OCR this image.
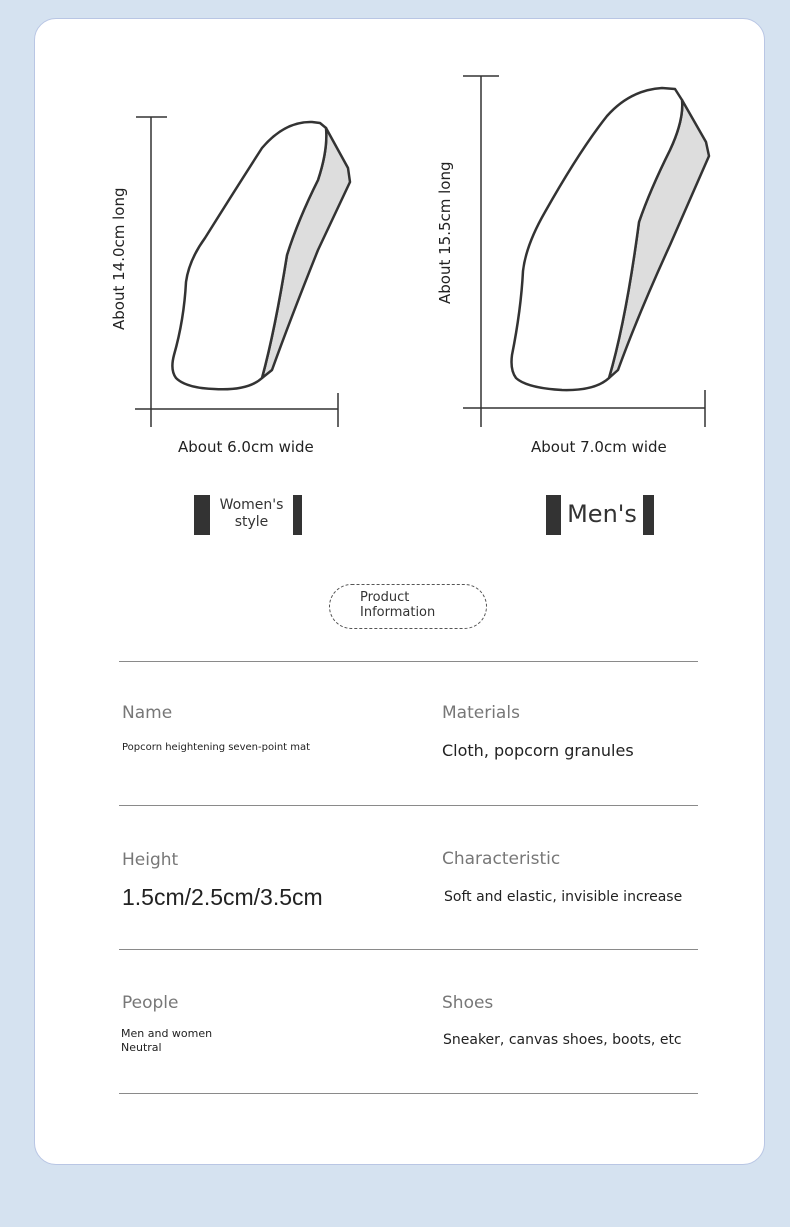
About 14.0cm long
About 6.0cm wide
About 15.5cm long
About 7.0cm wide
Women's
style	Men's
Product
Information
Name
Popcorn heightening seven-point mat
Materials
Cloth, popcorn granules
Height
1.5cm/2.5cm/3.5cm
Characteristic
Soft and elastic, invisible increase
People
Men and women
Neutral
Shoes
Sneaker, canvas shoes, boots, etc
